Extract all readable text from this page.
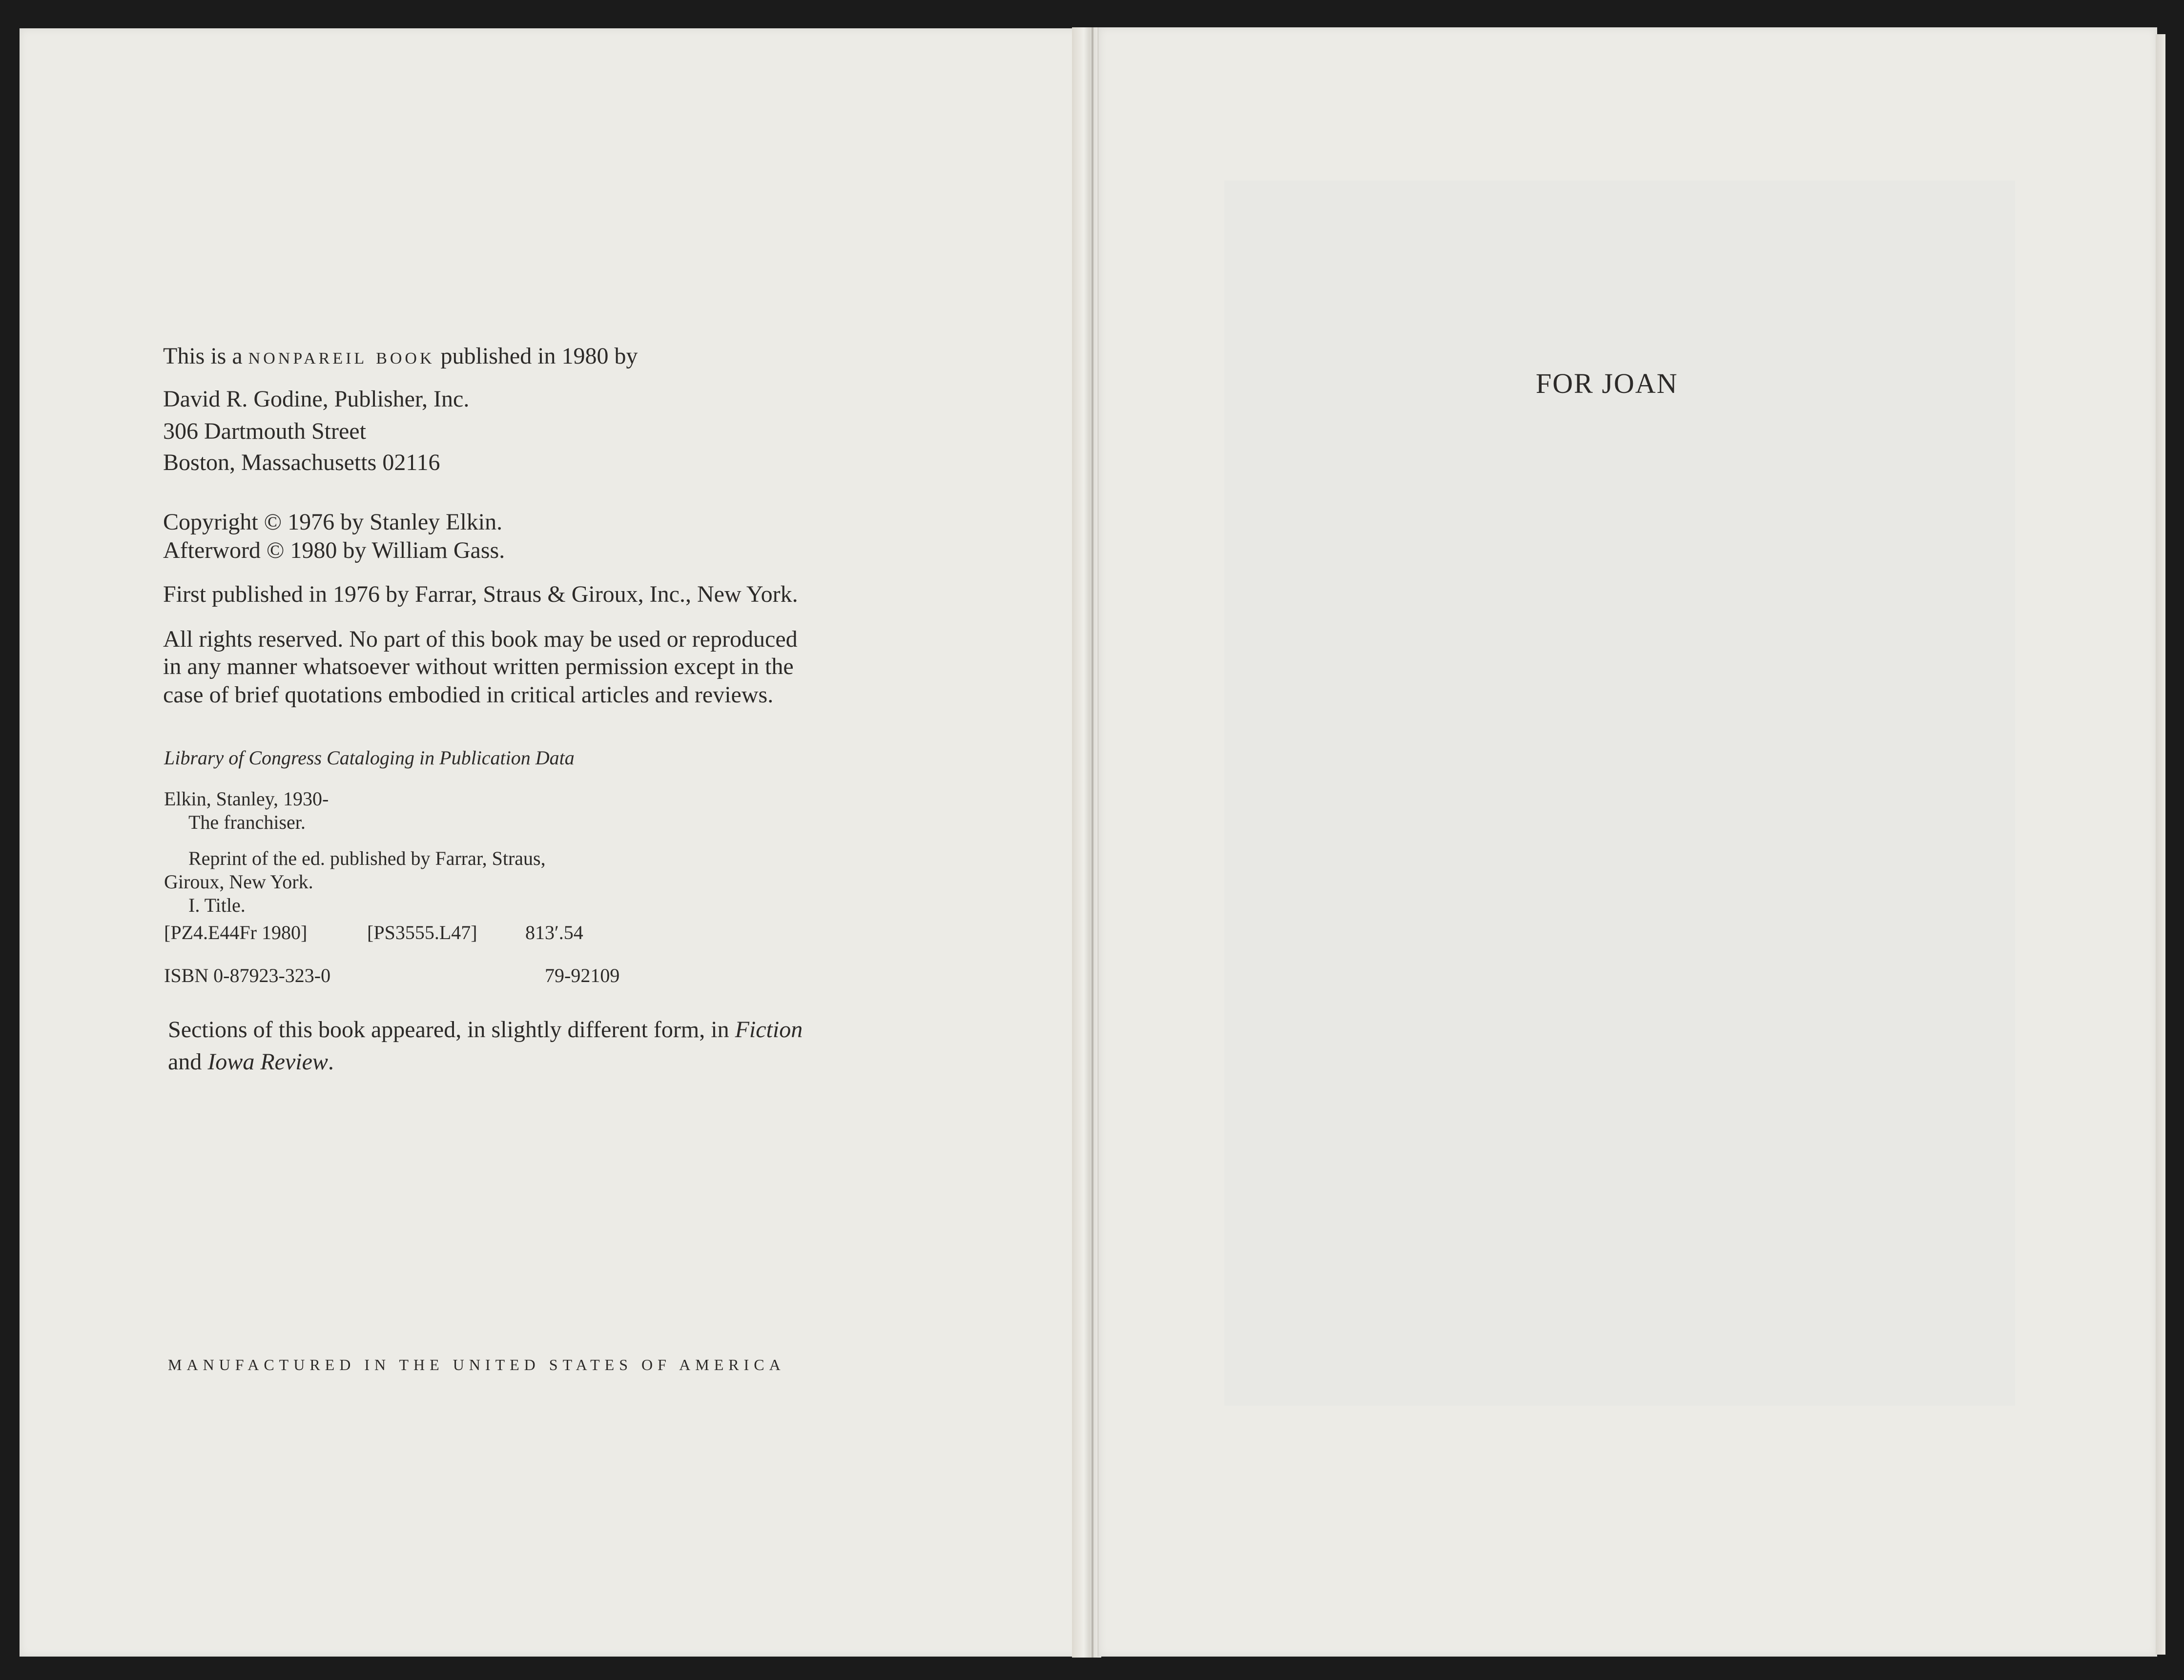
This is a nonpareil book published in 1980 by

David R. Godine, Publisher, Inc.

306 Dartmouth Street

Boston, Massachusetts 02116

Copyright © 1976 by Stanley Elkin.

Afterword © 1980 by William Gass.

First published in 1976 by Farrar, Straus & Giroux, Inc., New York.

All rights reserved. No part of this book may be used or reproduced

in any manner whatsoever without written permission except in the

case of brief quotations embodied in critical articles and reviews.

Library of Congress Cataloging in Publication Data

Elkin, Stanley, 1930-

The franchiser.

Reprint of the ed. published by Farrar, Straus,

Giroux, New York.

I. Title.

[PZ4.E44Fr 1980]	[PS3555.L47] 813′.54

ISBN 0-87923-323-0	79-92109

Sections of this book appeared, in slightly different form, in Fiction

and Iowa Review.

MANUFACTURED IN THE UNITED STATES OF AMERICA

FOR JOAN
